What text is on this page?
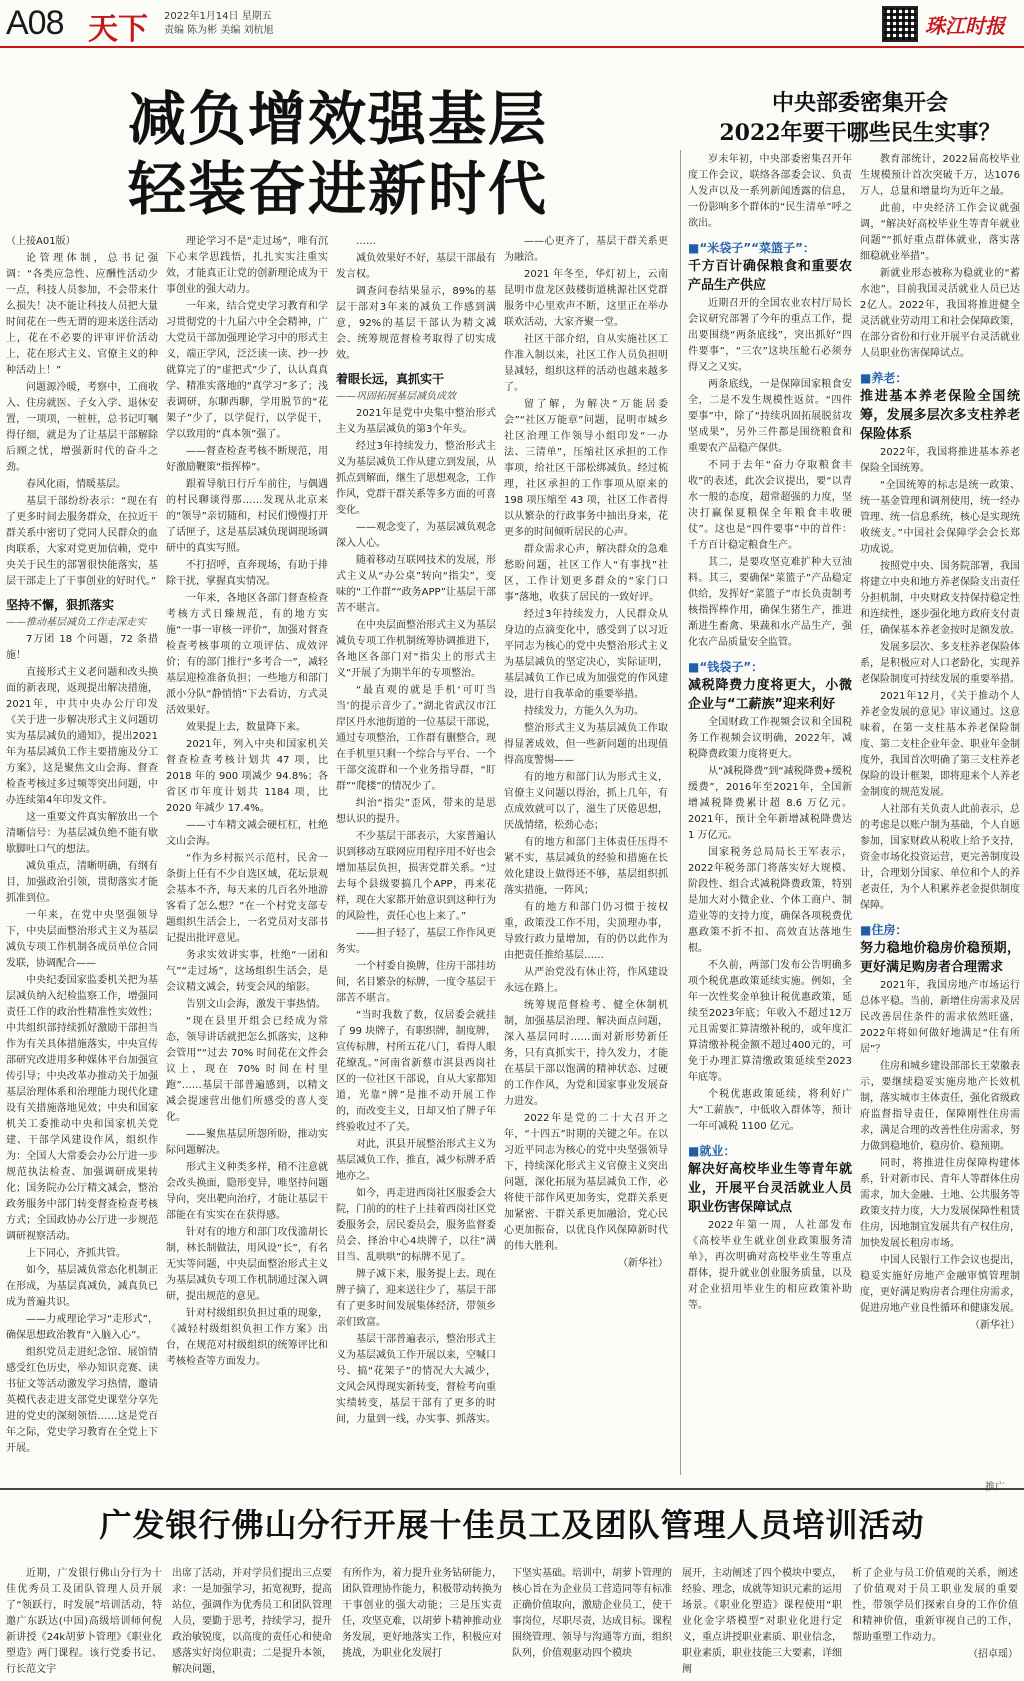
A08 天下 2022年1月14日 星期五
责编 陈为彬 美编 刘杭旭	珠江时报
减负增效强基层
轻装奋进新时代
中央部委密集开会
2022年要干哪些民生实事？

（上接A01版）

论管理体制，总书记强调：“各类应急性、应酬性活动少一点，科技人员参加，不会带来什么损失！决不能让科技人员把大量时间花在一些无谓的迎来送往活动上，花在不必要的评审评价活动上，花在形式主义、官僚主义的种种活动上！”

问题源冷暖，考察中，工商收入、住房就医、子女入学、退休安置，一项项，一桩桩，总书记叮嘱得仔细，就是为了让基层干部解除后顾之忧，增强新时代的奋斗之劲。

春风化雨，情暖基层。

基层干部纷纷表示：“现在有了更多时间去服务群众，在拉近干群关系中密切了党同人民群众的血肉联系，大家对党更加信赖，党中央关于民生的部署很快能落实，基层干部走上了干事创业的好时代。”

坚持不懈，狠抓落实

——推动基层减负工作走深走实

7万团 18 个问题，72 条措施！

直接形式主义老问题和改头换面的新表现，返现提出解决措施，2021年，中共中央办公厅印发《关于进一步解决形式主义问题切实为基层减负的通知》，提出2021年为基层减负工作主要措施及分工方案》，这是聚焦文山会海、督查检查考核过多过频等突出问题，中办连续第4年印发文件。

这一重要文件真实解放出一个清晰信号：为基层减负绝不能有歇歇脚吐口气的想法。

减负重点，清晰明确，有纲有目，加强政治引领，贯彻落实才能抓准到位。

一年来，在党中央坚强领导下，中央层面整治形式主义为基层减负专项工作机制各成员单位合同发联，协调配合——

中央纪委国家监委机关把为基层减负纳入纪检监察工作，增强同责任工作的政治性精准性实效性；中共组织部持续抓好激励干部担当作为有关具体措施落实，中央宣传部研究改进用多种媒体平台加强宣传引导；中央改革办推动关于加强基层治理体系和治理能力现代化建设有关措施落地见效；中央和国家机关工委推动中央和国家机关党建、干部学风建设作风，组织作为：全国人大常委会办公厅进一步规范执法检查、加强调研成果转化；国务院办公厅精文减会，整治政务服务中部门转变督查检查考核方式；全国政协办公厅进一步规范调研视察活动。

上下同心，齐抓共管。

如今，基层减负常态化机制正在形成，为基层真减负，减真负已成为普遍共识。

——力戒理论学习“走形式”，确保思想政治教育“入脑入心”。

组织党员走进纪念馆、展馆情感受红色历史，举办知识竞赛、读书征文等活动激发学习热情，邀请英模代表走进支部党史课堂分享先进的党史的深刻领悟……这是党百年之际，党史学习教育在全党上下开展。

理论学习不是“走过场”，唯有沉下心来学思践悟，扎扎实实注重实效，才能真正让党的创新理论成为干事创业的强大动力。

一年来，结合党史学习教育和学习贯彻党的十九届六中全会精神，广大党员干部加强理论学习中的形式主义，端正学风，泛泛读一读、抄一抄就算完了的“虚把式”少了，认认真真学、精准实落地的“真学习”多了；浅表调研，东聊西聊，学用脱节的“花架子”少了，以学促行，以学促干，学以致用的“真本领”强了。

——督查检查考核不断规范，用好激励鞭策“指挥棒”。

跟着导航日行斤车前往，与偶遇的村民聊谈得那……发现从北京来的“领导”亲切随和，村民们慢慢打开了话匣子，这是基层减负现调现场调研中的真实写照。

不打招呼，直奔现场，有助于排除干扰，掌握真实情况。

一年来，各地区各部门督查检查考核方式日臻规范，有的地方实施“一事一审核一评价”，加强对督查检查考核事项的立项评估、成效评价；有的部门推行“多考合一”，减轻基层迎检准备负担；一些地方和部门派小分队“静悄悄”下去看访，方式灵活效果好。

效果提上去，数量降下来。

2021年，列入中央和国家机关督查检查考核计划共 47 项，比 2018 年的 900 项减少 94.8%；各省区市年度计划共 1184 项，比 2020 年减少 17.4%。

——寸车精文减会硬杠杠，杜绝文山会海。

“作为乡村振兴示范村，民舍一条街上任有不少自选区域，花坛景观会基本不齐，每天来的几百名外地游客看了怎么想？”在一个村党支部专题组织生活会上，一名党员对支部书记提出批评意见。

务求实效讲实事，杜绝“一团和气”“走过场”，这场组织生活会，是会议精文减会，转变会风的缩影。

告别文山会海，激发干事热情。

“现在县里开组会已经成为常态，领导讲话就把怎么抓落实，这种会管用”“过去 70% 时间花在文件会议上，现在 70% 时间在村里跑”……基层干部普遍感到，以精文减会提速营出他们所感受的喜人变化。

——聚焦基层所怨所盼，推动实际问题解决。

形式主义种类多样，稍不注意就会改头换面，隐形变异，唯坚持问题导向，突出靶向治疗，才能让基层干部能在有实实在在获得感。

针对有的地方和部门攻伐滥胡长制，林长制做法，用风设“长”，有名无实等问题，中央层面整治形式主义为基层减负专项工作机制通过深入调研，提出规范的意见。

针对村级组织负担过重的现象，《减轻村级组织负担工作方案》出台，在规范对村级组织的统筹评比和考核检查等方面发力。

……

减负效果好不好，基层干部最有发言权。

调查问卷结果显示，89%的基层干部对3年来的减负工作感到满意，92%的基层干部认为精文减会、统筹规范督检考取得了切实成效。

着眼长远，真抓实干

——巩固拓展基层减负成效

2021年是党中央集中整治形式主义为基层减负的第3个年头。

经过3年持续发力，整治形式主义为基层减负工作从建立到发展，从抓点到解面，继生了思想观念，工作作风，党群干群关系等多方面的可喜变化。

——观念变了，为基层减负观念深入人心。

随着移动互联网技术的发展，形式主义从“办公桌”转向“指尖”，变味的“工作群”“政务APP”让基层干部苦不堪言。

在中央层面整治形式主义为基层减负专项工作机制统筹协调推进下，各地区各部门对“指尖上的形式主义”开展了为期半年的专项整治。

“最直观的就是手机‘可叮当当’的提示音少了。”湖北省武汉市江岸区丹水池街道的一位基层干部说，通过专项整治，工作群有删整合，现在手机里只剩一个综合与平台、一个干部交流群和一个业务指导群，“盯群”“爬楼”的情况少了。

纠治“指尖”歪风，带来的是思想认识的提升。

不少基层干部表示，大家普遍认识到移动互联网应用程序用不好也会增加基层负担，损害党群关系。“过去每个县级要搞几个APP，再来花样，现在大家都开始意识到这种行为的风险性，责任心也上来了。”

——担子轻了，基层工作作风更务实。

一个村委自换牌，住房干部挂坊间，名目繁杂的标牌，一度令基层干部苦不堪言。

“当时我数了数，仅居委会就挂了 99 块牌子，有职织牌，制度牌，宣传标牌，村所五花八门，看得人眼花缭乱。”河南省新蔡市淇县西岗社区的一位社区干部说，自从大家都知道，光靠“牌”是推不动开展工作的，而改变主义，日却又怕了牌子年终验收过不了关。

对此，淇县开展整治形式主义为基层减负工作，推直，减少标牌矛盾地亦之。

如今，再走进西岗社区服委会大院，门前的的柱子上挂着西岗社区党委服务会，居民委员会，服务监督委员会、择治中心4块牌子，以往“满目当、乱哄哄”的标牌不见了。

牌子减下来，服务提上去。现在牌子摘了，迎来送往少了，基层干部有了更多时间发展集体经济，带领乡亲们致富。

基层干部普遍表示，整治形式主义为基层减负工作开展以来，空喊口号、搞“花架子”的情况大大减少，文风会风得现实新转变，督检考向重实绩转变，基层干部有了更多的时间，力量到一线，办实事、抓落实。

——心更齐了，基层干群关系更为融洽。

2021 年冬至，华灯初上，云南昆明市盘龙区鼓楼街道桃源社区党群服务中心里欢声不断，这里正在举办联欢活动，大家齐聚一堂。

社区干部介绍，自从实施社区工作准入制以来，社区工作人员负担明显减轻，组织这样的活动也越来越多了。

留了解，为解决“万能居委会”“社区万能章”问题，昆明市城乡社区治理工作领导小组印发“一办法、三清单”，压缩社区承担的工作事项，给社区干部松绑减负。经过梳理，社区承担的工作事项从原来的 198 项压缩至 43 项，社区工作者得以从繁杂的行政事务中抽出身来，花更多的时间倾听居民的心声。

群众需求心声，解决群众的急难愁盼问题，社区工作人“有事找”社区，工作计划更多群众的“家门口事”落地，收获了居民的一致好评。

经过3年持续发力，人民群众从身边的点滴变化中，感受到了以习近平同志为核心的党中央整治形式主义为基层减负的坚定决心，实际证明，基层减负工作已成为加强党的作风建设，进行自我革命的重要举措。

持续发力，方能久久为功。

整治形式主义为基层减负工作取得显著成效，但一些新问题的出现值得高度警惕——

有的地方和部门认为形式主义，官僚主义问题以得治，抓上几年，有点成效就可以了，滋生了厌倦思想，厌战情绪，松劲心态；

有的地方和部门主体责任压得不紧不实，基层减负的经验和措施在长效化建设上做得还不够，基层组织抓落实措施，一阵风；

有的地方和部门仍习惯于按权重，政策没工作不用，尖顶理办事，导致行政力量增加，有的仍以此作为由把责任推给基层……

从严治党没有休止符，作风建设永远在路上。

统筹规范督检考、健全休制机制，加强基层治理、解决面点问题，深入基层同时……面对新形势新任务，只有真抓实干，持久发力，才能在基层干部以饱满的精神状态、过硬的工作作风，为党和国家事业发展奋力进发。

2022年是党的二十大召开之年，“十四五”时期的关键之年。在以习近平同志为核心的党中央坚强领导下，持续深化形式主义官僚主义突出问题，深化拓展为基层减负工作，必将使干部作风更加务实，党群关系更加紧密、干群关系更加融洽，党心民心更加振奋，以优良作风保障新时代的伟大胜利。

（新华社）

岁末年初，中央部委密集召开年度工作会议，联络各部委会议、负责人发声以及一系列新闻透露的信息，一份影响多个群体的“民生清单”呼之欲出。

■“米袋子”“菜篮子”：

千方百计确保粮食和重要农产品生产供应

近期召开的全国农业农村厅局长会议研究部署了今年的重点工作，提出要围绕“两条底线”，突出抓好“四件要事”，“三农”这块压舱石必须夯得又之又实。

两条底线，一是保障国家粮食安全，二是不发生规模性返贫。“四件要事”中，除了“持续巩固拓展脱贫攻坚成果”，另外三件都是围绕粮食和重要农产品稳产保供。

不同于去年“奋力夺取粮食丰收”的表述，此次会议提出，要“以青水一般的态度，超常超强的力度，坚决打赢保夏粮保全年粮食丰收硬仗”。这也是“四件要事”中的首件：千方百计稳定粮食生产。

其二，是要攻坚克难扩种大豆油料。其三，要确保“菜篮子”产品稳定供给，发挥好“菜篮子”市长负责制考核指挥棒作用，确保生猪生产，推进渐进生畜禽、果蔬和水产品生产，强化农产品质量安全监管。

■“钱袋子”：

减税降费力度将更大，小微企业与“工薪族”迎来利好

全国财政工作视频会议和全国税务工作视频会议明确，2022年，减税降费政策力度将更大。

从“减税降费”到“减税降费+缓税缓费”，2016年至2021年，全国新增减税降费累计超 8.6 万亿元。2021年，预计全年新增减税降费达 1 万亿元。

国家税务总局局长王军表示，2022年税务部门将落实好大规模、阶段性、组合式减税降费政策，特别是加大对小微企业、个体工商户、制造业等的支持力度，确保各项税费优惠政策不折不扣、高效直达落地生根。

不久前，两部门发布公告明确多项个税优惠政策延续实施。例如，全年一次性奖金单独计税优惠政策，延续至2023年底；年收入不超过12万元且需要汇算清缴补税的，或年度汇算清缴补税金额不超过400元的，可免于办理汇算清缴政策延续至2023年底等。

个税优惠政策延续，将利好广大“工薪族”，中低收入群体等，预计一年可减税 1100 亿元。

■就业：

解决好高校毕业生等青年就业，开展平台灵活就业人员职业伤害保障试点

2022年第一周，人社部发布《高校毕业生就业创业政策服务清单》，再次明确对高校毕业生等重点群体，提升就业创业服务质量，以及对企业招用毕业生的相应政策补助等。

教育部统计，2022届高校毕业生规模预计首次突破千万，达1076万人，总量和增量均为近年之最。

此前，中央经济工作会议就强调，“解决好高校毕业生等青年就业问题”“抓好重点群体就业，落实落细稳就业举措”。

新就业形态被称为稳就业的“蓄水池”，目前我国灵活就业人员已达2亿人。2022年，我国将推进健全灵活就业劳动用工和社会保障政策，在部分省份和行业开展平台灵活就业人员职业伤害保障试点。

■养老：

推进基本养老保险全国统筹，发展多层次多支柱养老保险体系

2022年，我国将推进基本养老保险全国统筹。

“全国统筹的标志是统一政策、统一基金管理和调剂使用，统一经办管理、统一信息系统，核心是实现统收统支。”中国社会保障学会会长郑功成说。

按照党中央、国务院部署，我国将建立中央和地方养老保险支出责任分担机制，中央财政支持保持稳定性和连续性，逐步强化地方政府支付责任，确保基本养老金按时足额发放。

发展多层次、多支柱养老保险体系，是积极应对人口老龄化，实现养老保险制度可持续发展的重要举措。

2021年12月，《关于推动个人养老金发展的意见》审议通过。这意味着，在第一支柱基本养老保险制度、第二支柱企业年金、职业年金制度外，我国首次明确了第三支柱养老保险的设计框架，即将迎来个人养老金制度的规范发展。

人社部有关负责人此前表示，总的考虑是以账户制为基础，个人自愿参加，国家财政从税收上给予支持，资金市场化投资运营，更完善制度设计，合理划分国家、单位和个人的养老责任，为个人积累养老金提供制度保障。

■住房：

努力稳地价稳房价稳预期，更好满足购房者合理需求

2021年，我国房地产市场运行总体平稳。当前，新增住房需求及居民改善居住条件的需求依然旺盛，2022年将如何做好地满足“住有所居”？

住房和城乡建设部部长王蒙徽表示，要继续稳妥实施房地产长效机制，落实城市主体责任，强化省级政府监督指导责任，保障刚性住房需求，满足合理的改善性住房需求，努力做到稳地价，稳房价、稳预期。

同时，将推进住房保障构建体系，针对新市民、青年人等群体住房需求，加大金融、土地、公共服务等政策支持力度，大力发展保障性租赁住房，因地制宜发展共有产权住房，加快发展长租房市场。

中国人民银行工作会议也提出，稳妥实施好房地产金融审慎管理制度，更好满足购房者合理住房需求，促进房地产业良性循环和健康发展。

（新华社）

广发银行佛山分行开展十佳员工及团队管理人员培训活动

近期，广发银行佛山分行为十佳优秀员工及团队管理人员开展了“领跃行，时发展”培训活动，特邀广东跃达(中国)高级培训师何倪新讲授《24k胡萝卜管理》《职业化塑造》两门课程。该行党委书记、行长范文宇

出席了活动，并对学员们提出三点要求：一是加强学习，拓宽视野，提高站位，强调作为优秀员工和团队管理人员，要勤于思考，持续学习，提升政治敏锐度，以高度的责任心和使命感落实好岗位职责；二是提升本领，解决问题，

有所作为，着力提升业务钻研能力，团队管理协作能力，积极带动转换为干事创业的强大动能；三是压实责任，攻坚克难，以胡萝卜精神推动业务发展，更好地落实工作，积极应对挑战，为职业化发展打

下坚实基础。培训中，胡萝卜管理的核心旨在为企业员工营造同等有标准正确价值取向，激励企业员工，使干事岗位，尽职尽责，达成目标。课程围绕管理、领导与沟通等方面，组织队列，价值观驱动四个模块

展开，主动阐述了四个模块中要点，经验、理念，成就等知识元素的运用场景。《职业化塑造》课程使用“职业化金字塔模型”对职业化进行定义，重点讲授职业素质、职业信念，职业素质，职业技能三大要素，详细阐

析了企业与员工价值观的关系，阐述了价值观对于员工职业发展的重要性，带领学员们探索自身的工作价值和精神价值，重新审视自己的工作，帮助重塑工作动力。

（招卓瑶）
